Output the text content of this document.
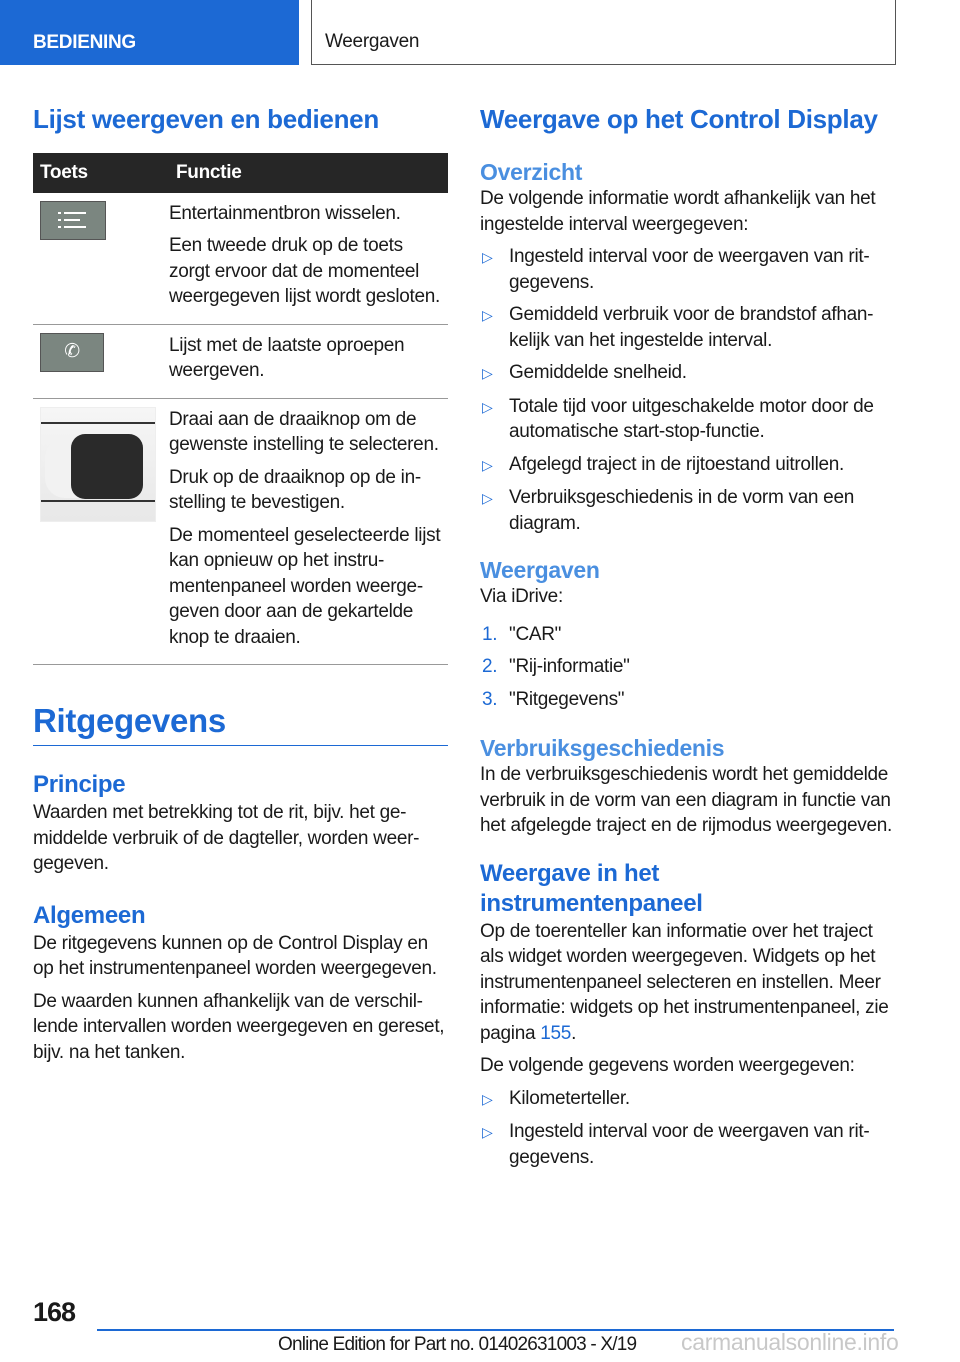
BEDIENING	Weergaven
Lijst weergeven en bedienen
Toets	Functie

Entertainmentbron wisselen.

Een tweede druk op de toets zorgt ervoor dat de momenteel weergegeven lijst wordt gesloten.

✆	Lijst met de laatste oproepen weergeven.

	Draai aan de draaiknop om de gewenste instelling te selecteren.

Druk op de draaiknop op de instelling te bevestigen.

De momenteel geselecteerde lijst kan opnieuw op het instrumentenpaneel worden weergegeven door aan de gekartelde knop te draaien.

Ritgegevens
Principe

Waarden met betrekking tot de rit, bijv. het gemiddelde verbruik of de dagteller, worden weergegeven.

Algemeen

De ritgegevens kunnen op de Control Display en op het instrumentenpaneel worden weergegeven.

De waarden kunnen afhankelijk van de verschillende intervallen worden weergegeven en gereset, bijv. na het tanken.

Weergave op het Control Display
Overzicht

De volgende informatie wordt afhankelijk van het ingestelde interval weergegeven:

▷ Ingesteld interval voor de weergaven van ritgegevens.
▷ Gemiddeld verbruik voor de brandstof afhankelijk van het ingestelde interval.
▷ Gemiddelde snelheid.
▷ Totale tijd voor uitgeschakelde motor door de automatische start-stop-functie.
▷ Afgelegd traject in de rijtoestand uitrollen.
▷ Verbruiksgeschiedenis in de vorm van een diagram.
Weergaven

Via iDrive:

1. "CAR"
2. "Rij-informatie"
3. "Ritgegevens"
Verbruiksgeschiedenis

In de verbruiksgeschiedenis wordt het gemiddelde verbruik in de vorm van een diagram in functie van het afgelegde traject en de rijmodus weergegeven.

Weergave in het
instrumentenpaneel

Op de toerenteller kan informatie over het traject als widget worden weergegeven. Widgets op het instrumentenpaneel selecteren en instellen. Meer informatie: widgets op het instrumentenpaneel, zie pagina 155.

De volgende gegevens worden weergegeven:

▷ Kilometerteller.
▷ Ingesteld interval voor de weergaven van ritgegevens.
168
Online Edition for Part no. 01402631003 - X/19 carmanualsonline.info
